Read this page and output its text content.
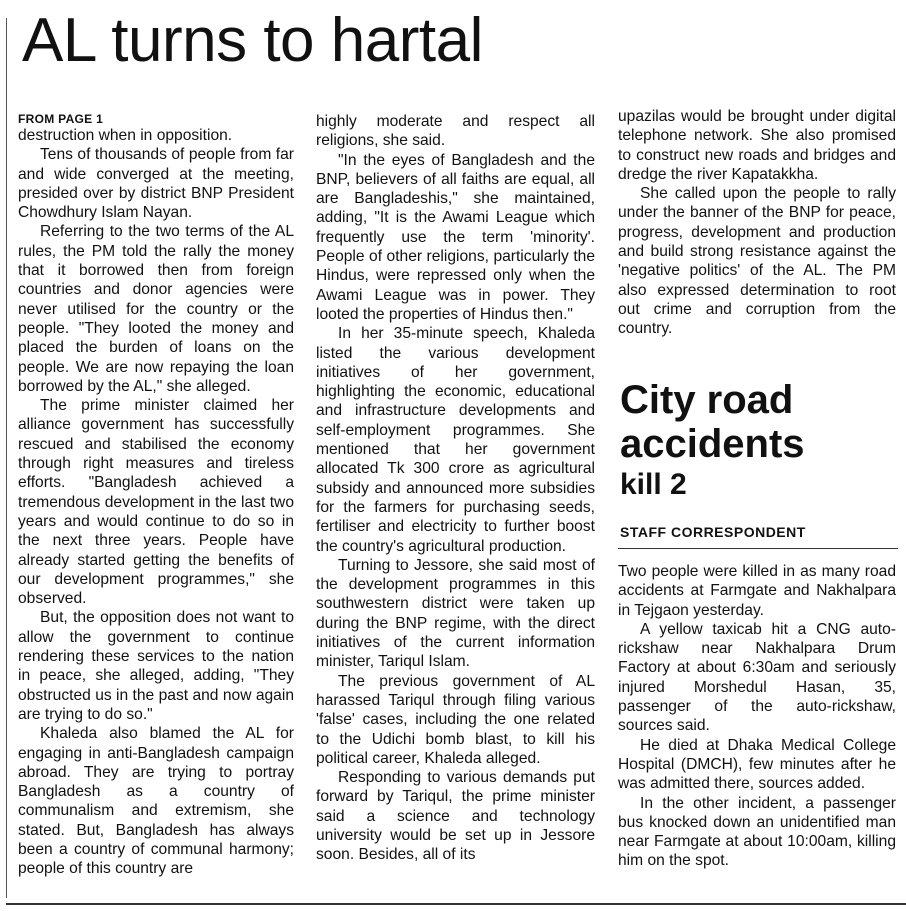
AL turns to hartal
FROM PAGE 1

destruction when in opposition.

Tens of thousands of people from far and wide converged at the meeting, presided over by district BNP President Chowdhury Islam Nayan.

Referring to the two terms of the AL rules, the PM told the rally the money that it borrowed then from foreign countries and donor agencies were never utilised for the country or the people. "They looted the money and placed the burden of loans on the people. We are now repaying the loan borrowed by the AL," she alleged.

The prime minister claimed her alliance government has successfully rescued and stabilised the economy through right measures and tireless efforts. "Bangladesh achieved a tremendous development in the last two years and would continue to do so in the next three years. People have already started getting the benefits of our development programmes," she observed.

But, the opposition does not want to allow the government to continue rendering these services to the nation in peace, she alleged, adding, "They obstructed us in the past and now again are trying to do so."

Khaleda also blamed the AL for engaging in anti-Bangladesh campaign abroad. They are trying to portray Bangladesh as a country of communalism and extremism, she stated. But, Bangladesh has always been a country of communal harmony; people of this country are

highly moderate and respect all religions, she said.

"In the eyes of Bangladesh and the BNP, believers of all faiths are equal, all are Bangladeshis," she maintained, adding, "It is the Awami League which frequently use the term 'minority'. People of other religions, particularly the Hindus, were repressed only when the Awami League was in power. They looted the properties of Hindus then."

In her 35-minute speech, Khaleda listed the various development initiatives of her government, highlighting the economic, educational and infrastructure developments and self-employment programmes. She mentioned that her government allocated Tk 300 crore as agricultural subsidy and announced more subsidies for the farmers for purchasing seeds, fertiliser and electricity to further boost the country's agricultural production.

Turning to Jessore, she said most of the development programmes in this southwestern district were taken up during the BNP regime, with the direct initiatives of the current information minister, Tariqul Islam.

The previous government of AL harassed Tariqul through filing various 'false' cases, including the one related to the Udichi bomb blast, to kill his political career, Khaleda alleged.

Responding to various demands put forward by Tariqul, the prime minister said a science and technology university would be set up in Jessore soon. Besides, all of its

upazilas would be brought under digital telephone network. She also promised to construct new roads and bridges and dredge the river Kapatakkha.

She called upon the people to rally under the banner of the BNP for peace, progress, development and production and build strong resistance against the 'negative politics' of the AL. The PM also expressed determination to root out crime and corruption from the country.

City road
accidents
kill 2
STAFF CORRESPONDENT

Two people were killed in as many road accidents at Farmgate and Nakhalpara in Tejgaon yesterday.

A yellow taxicab hit a CNG auto-rickshaw near Nakhalpara Drum Factory at about 6:30am and seriously injured Morshedul Hasan, 35, passenger of the auto-rickshaw, sources said.

He died at Dhaka Medical College Hospital (DMCH), few minutes after he was admitted there, sources added.

In the other incident, a passenger bus knocked down an unidentified man near Farmgate at about 10:00am, killing him on the spot.
